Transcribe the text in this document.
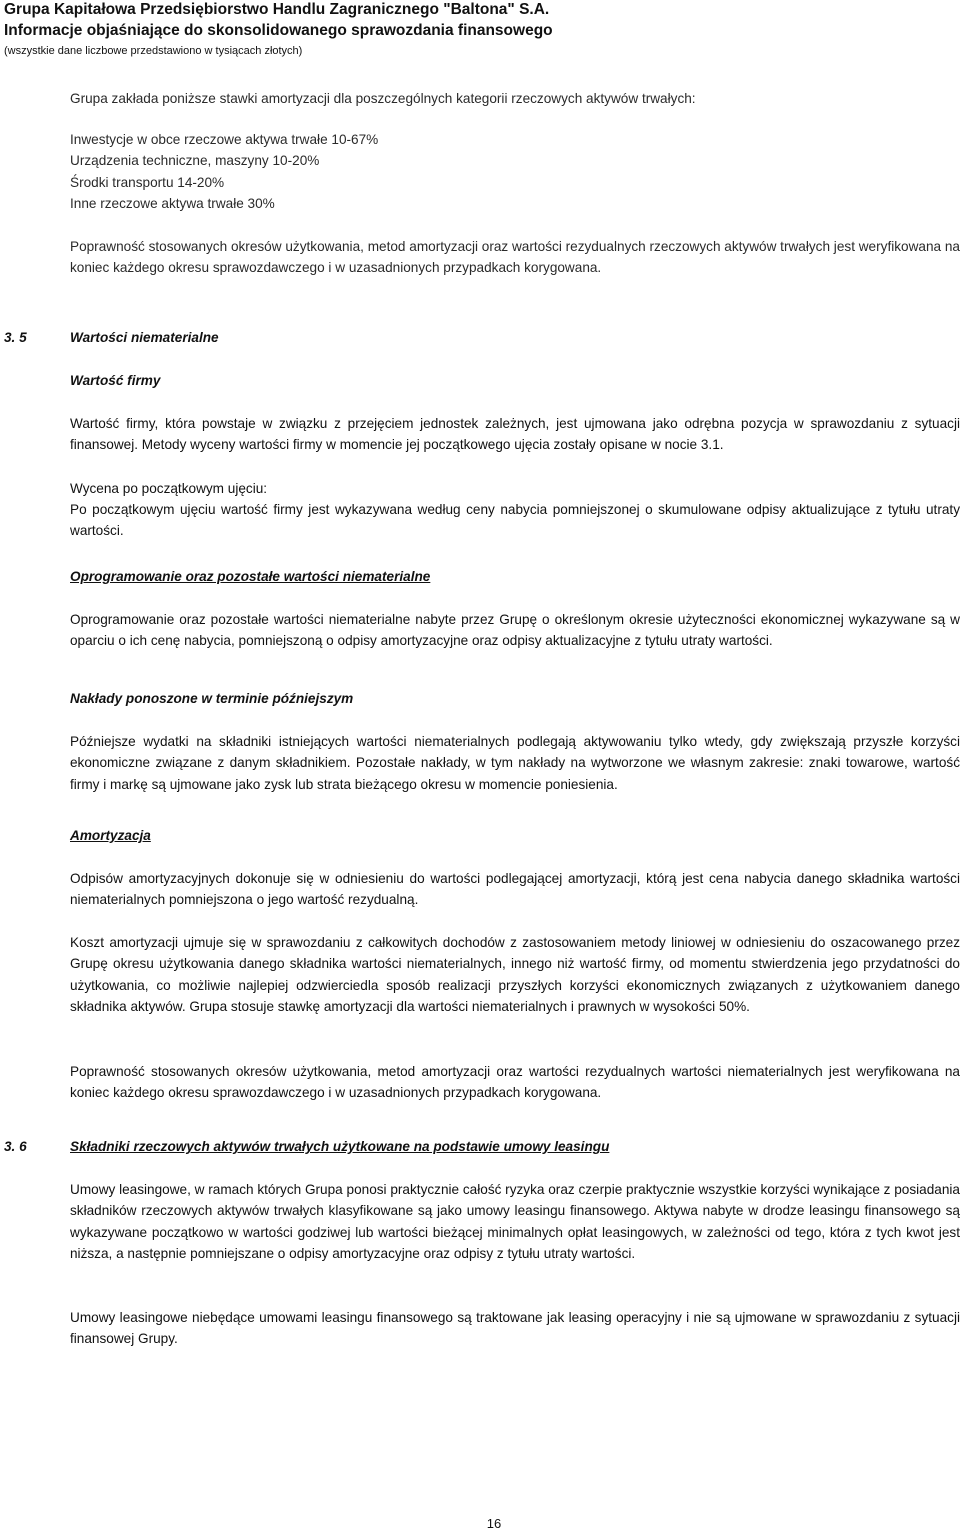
Grupa Kapitałowa Przedsiębiorstwo Handlu Zagranicznego "Baltona" S.A.
Informacje objaśniające do skonsolidowanego sprawozdania finansowego
(wszystkie dane liczbowe przedstawiono w tysiącach złotych)

Grupa zakłada poniższe stawki amortyzacji dla poszczególnych kategorii rzeczowych aktywów trwałych:

Inwestycje w obce rzeczowe aktywa trwałe 10-67%
Urządzenia techniczne, maszyny 10-20%
Środki transportu 14-20%
Inne rzeczowe aktywa trwałe 30%

Poprawność stosowanych okresów użytkowania, metod amortyzacji oraz wartości rezydualnych rzeczowych aktywów trwałych jest weryfikowana na koniec każdego okresu sprawozdawczego i w uzasadnionych przypadkach korygowana.

3. 5	Wartości niematerialne
Wartość firmy

Wartość firmy, która powstaje w związku z przejęciem jednostek zależnych, jest ujmowana jako odrębna pozycja w sprawozdaniu z sytuacji finansowej. Metody wyceny wartości firmy w momencie jej początkowego ujęcia zostały opisane w nocie 3.1.

Wycena po początkowym ujęciu:

Po początkowym ujęciu wartość firmy jest wykazywana według ceny nabycia pomniejszonej o skumulowane odpisy aktualizujące z tytułu utraty wartości.

Oprogramowanie oraz pozostałe wartości niematerialne

Oprogramowanie oraz pozostałe wartości niematerialne nabyte przez Grupę o określonym okresie użyteczności ekonomicznej wykazywane są w oparciu o ich cenę nabycia, pomniejszoną o odpisy amortyzacyjne oraz odpisy aktualizacyjne z tytułu utraty wartości.

Nakłady ponoszone w terminie późniejszym

Późniejsze wydatki na składniki istniejących wartości niematerialnych podlegają aktywowaniu tylko wtedy, gdy zwiększają przyszłe korzyści ekonomiczne związane z danym składnikiem. Pozostałe nakłady, w tym nakłady na wytworzone we własnym zakresie: znaki towarowe, wartość firmy i markę są ujmowane jako zysk lub strata bieżącego okresu w momencie poniesienia.

Amortyzacja

Odpisów amortyzacyjnych dokonuje się w odniesieniu do wartości podlegającej amortyzacji, którą jest cena nabycia danego składnika wartości niematerialnych pomniejszona o jego wartość rezydualną.

Koszt amortyzacji ujmuje się w sprawozdaniu z całkowitych dochodów z zastosowaniem metody liniowej w odniesieniu do oszacowanego przez Grupę okresu użytkowania danego składnika wartości niematerialnych, innego niż wartość firmy, od momentu stwierdzenia jego przydatności do użytkowania, co możliwie najlepiej odzwierciedla sposób realizacji przyszłych korzyści ekonomicznych związanych z użytkowaniem danego składnika aktywów. Grupa stosuje stawkę amortyzacji dla wartości niematerialnych i prawnych w wysokości 50%.

Poprawność stosowanych okresów użytkowania, metod amortyzacji oraz wartości rezydualnych wartości niematerialnych jest weryfikowana na koniec każdego okresu sprawozdawczego i w uzasadnionych przypadkach korygowana.

3. 6	Składniki rzeczowych aktywów trwałych użytkowane na podstawie umowy leasingu

Umowy leasingowe, w ramach których Grupa ponosi praktycznie całość ryzyka oraz czerpie praktycznie wszystkie korzyści wynikające z posiadania składników rzeczowych aktywów trwałych klasyfikowane są jako umowy leasingu finansowego. Aktywa nabyte w drodze leasingu finansowego są wykazywane początkowo w wartości godziwej lub wartości bieżącej minimalnych opłat leasingowych, w zależności od tego, która z tych kwot jest niższa, a następnie pomniejszane o odpisy amortyzacyjne oraz odpisy z tytułu utraty wartości.

Umowy leasingowe niebędące umowami leasingu finansowego są traktowane jak leasing operacyjny i nie są ujmowane w sprawozdaniu z sytuacji finansowej Grupy.

16
